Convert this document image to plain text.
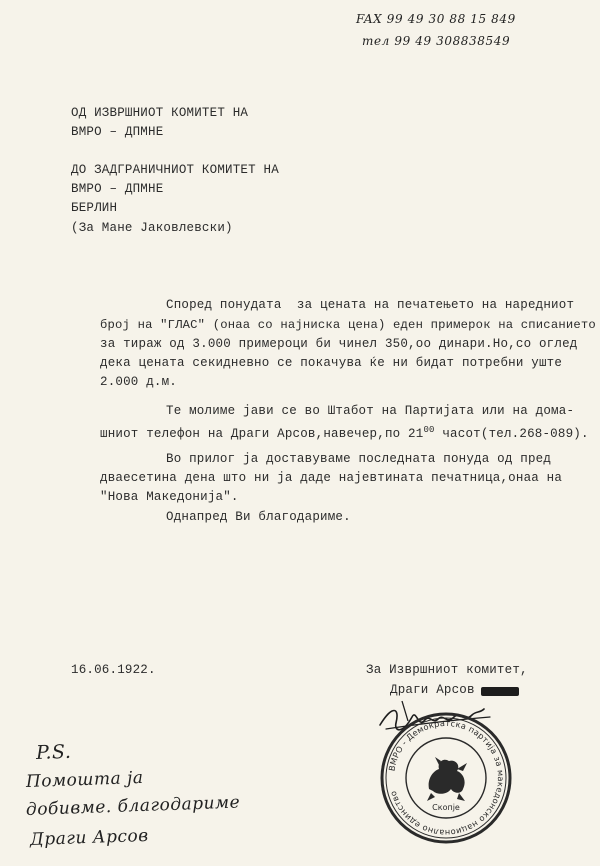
FAX 99 49 30 88 15 849
тел 99 49 308838549
ОД ИЗВРШНИОТ КОМИТЕТ НА
ВМРО – ДПМНЕ
ДО ЗАДГРАНИЧНИОТ КОМИТЕТ НА
ВМРО – ДПМНЕ
БЕРЛИН
(За Мане Јаковлевски)
Според понудата  за цената на печатењето на наредниот
број на "ГЛАС" (онаа со најниска цена) еден примерок на списанието
за тираж од 3.000 примероци би чинел 350,оо динари.Но,со оглед
дека цената секидневно се покачува ќе ни бидат потребни уште
2.000 д.м.
Те молиме јави се во Штабот на Партијата или на дома-
шниот телефон на Драги Арсов,навечер,по $21^{00}$ часот(тел.268-089).
Во прилог ја доставуваме последната понуда од пред
дваесетина дена што ни ја даде најевтината печатница,онаа на
"Нова Македонија".
Однапред Ви благодариме.
16.06.1922.	За Извршниот комитет,
Драги Арсов
ВМРО - Демократска партија за македонско национално единство
Скопје
P.S.
Помошта ја
добивме. благодариме
Драги Арсов
